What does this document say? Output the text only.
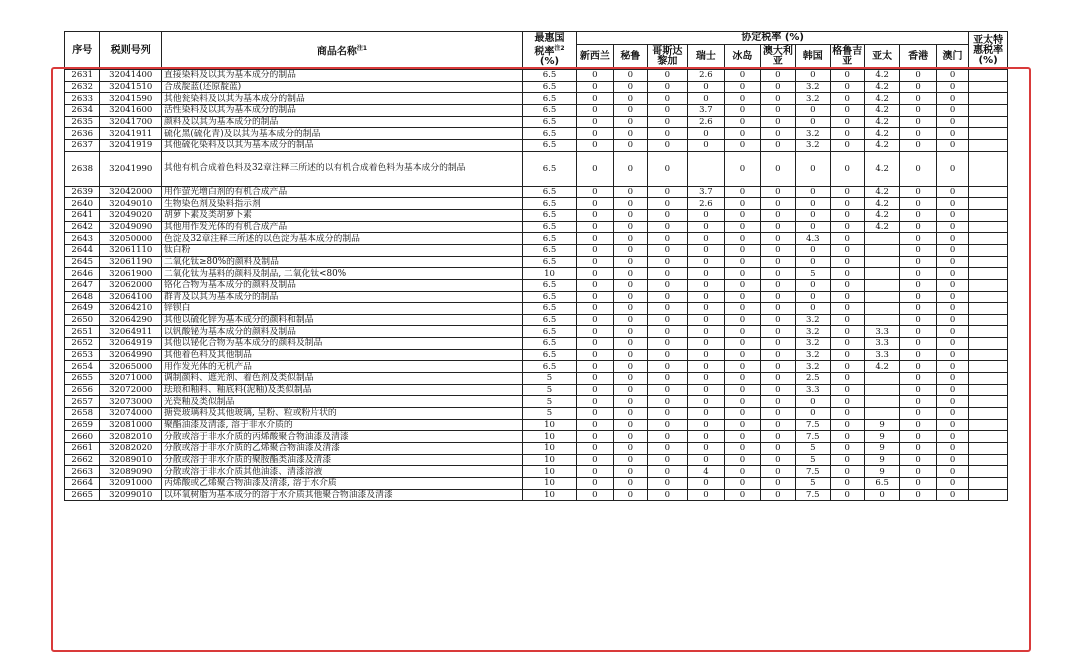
序号	税则号列	商品名称$^{注1}$	最惠国
税率$^{注2}$
(%)	协定税率 (%)											亚太特
惠税率
(%)
				新西兰	秘鲁	哥斯达黎加	瑞士	冰岛	澳大利亚	韩国	格鲁吉亚	亚太	香港	澳门	
2631	32041400	直接染料及以其为基本成分的制品	6.5	0	0	0	2.6	0	0	0	0	4.2	0	0	
2632	32041510	合成靛蓝(还原靛蓝)	6.5	0	0	0	0	0	0	3.2	0	4.2	0	0	
2633	32041590	其他瓮染料及以其为基本成分的制品	6.5	0	0	0	0	0	0	3.2	0	4.2	0	0	
2634	32041600	活性染料及以其为基本成分的制品	6.5	0	0	0	3.7	0	0	0	0	4.2	0	0	
2635	32041700	颜料及以其为基本成分的制品	6.5	0	0	0	2.6	0	0	0	0	4.2	0	0	
2636	32041911	硫化黑(硫化青)及以其为基本成分的制品	6.5	0	0	0	0	0	0	3.2	0	4.2	0	0	
2637	32041919	其他硫化染料及以其为基本成分的制品	6.5	0	0	0	0	0	0	3.2	0	4.2	0	0	
2638	32041990	其他有机合成着色料及32章注释三所述的以有机合成着色料为基本成分的制品	6.5	0	0	0		0	0	0	0	4.2	0	0	
2639	32042000	用作萤光增白剂的有机合成产品	6.5	0	0	0	3.7	0	0	0	0	4.2	0	0	
2640	32049010	生物染色剂及染料指示剂	6.5	0	0	0	2.6	0	0	0	0	4.2	0	0	
2641	32049020	胡萝卜素及类胡萝卜素	6.5	0	0	0	0	0	0	0	0	4.2	0	0	
2642	32049090	其他用作发光体的有机合成产品	6.5	0	0	0	0	0	0	0	0	4.2	0	0	
2643	32050000	色淀及32章注释三所述的以色淀为基本成分的制品	6.5	0	0	0	0	0	0	4.3	0		0	0	
2644	32061110	钛白粉	6.5	0	0	0	0	0	0	0	0		0	0	
2645	32061190	二氧化钛≥80%的颜料及制品	6.5	0	0	0	0	0	0	0	0		0	0	
2646	32061900	二氧化钛为基料的颜料及制品, 二氧化钛<80%	10	0	0	0	0	0	0	5	0		0	0	
2647	32062000	铬化合物为基本成分的颜料及制品	6.5	0	0	0	0	0	0	0	0		0	0	
2648	32064100	群青及以其为基本成分的制品	6.5	0	0	0	0	0	0	0	0		0	0	
2649	32064210	锌钡白	6.5	0	0	0	0	0	0	0	0		0	0	
2650	32064290	其他以硫化锌为基本成分的颜料和制品	6.5	0	0	0	0	0	0	3.2	0		0	0	
2651	32064911	以钒酸铋为基本成分的颜料及制品	6.5	0	0	0	0	0	0	3.2	0	3.3	0	0	
2652	32064919	其他以铋化合物为基本成分的颜料及制品	6.5	0	0	0	0	0	0	3.2	0	3.3	0	0	
2653	32064990	其他着色料及其他制品	6.5	0	0	0	0	0	0	3.2	0	3.3	0	0	
2654	32065000	用作发光体的无机产品	6.5	0	0	0	0	0	0	3.2	0	4.2	0	0	
2655	32071000	调制颜料、遮光剂、着色剂及类似制品	5	0	0	0	0	0	0	2.5	0		0	0	
2656	32072000	珐琅和釉料、釉底料(泥釉)及类似制品	5	0	0	0	0	0	0	3.3	0		0	0	
2657	32073000	光瓷釉及类似制品	5	0	0	0	0	0	0	0	0		0	0	
2658	32074000	搪瓷玻璃料及其他玻璃, 呈粉、粒或粉片状的	5	0	0	0	0	0	0	0	0		0	0	
2659	32081000	聚酯油漆及清漆, 溶于非水介质的	10	0	0	0	0	0	0	7.5	0	9	0	0	
2660	32082010	分散或溶于非水介质的丙烯酸聚合物油漆及清漆	10	0	0	0	0	0	0	7.5	0	9	0	0	
2661	32082020	分散或溶于非水介质的乙烯聚合物油漆及清漆	10	0	0	0	0	0	0	5	0	9	0	0	
2662	32089010	分散或溶于非水介质的聚胺酯类油漆及清漆	10	0	0	0	0	0	0	5	0	9	0	0	
2663	32089090	分散或溶于非水介质其他油漆、清漆溶液	10	0	0	0	4	0	0	7.5	0	9	0	0	
2664	32091000	丙烯酸或乙烯聚合物油漆及清漆, 溶于水介质	10	0	0	0	0	0	0	5	0	6.5	0	0	
2665	32099010	以环氧树脂为基本成分的溶于水介质其他聚合物油漆及清漆	10	0	0	0	0	0	0	7.5	0	0	0	0	
